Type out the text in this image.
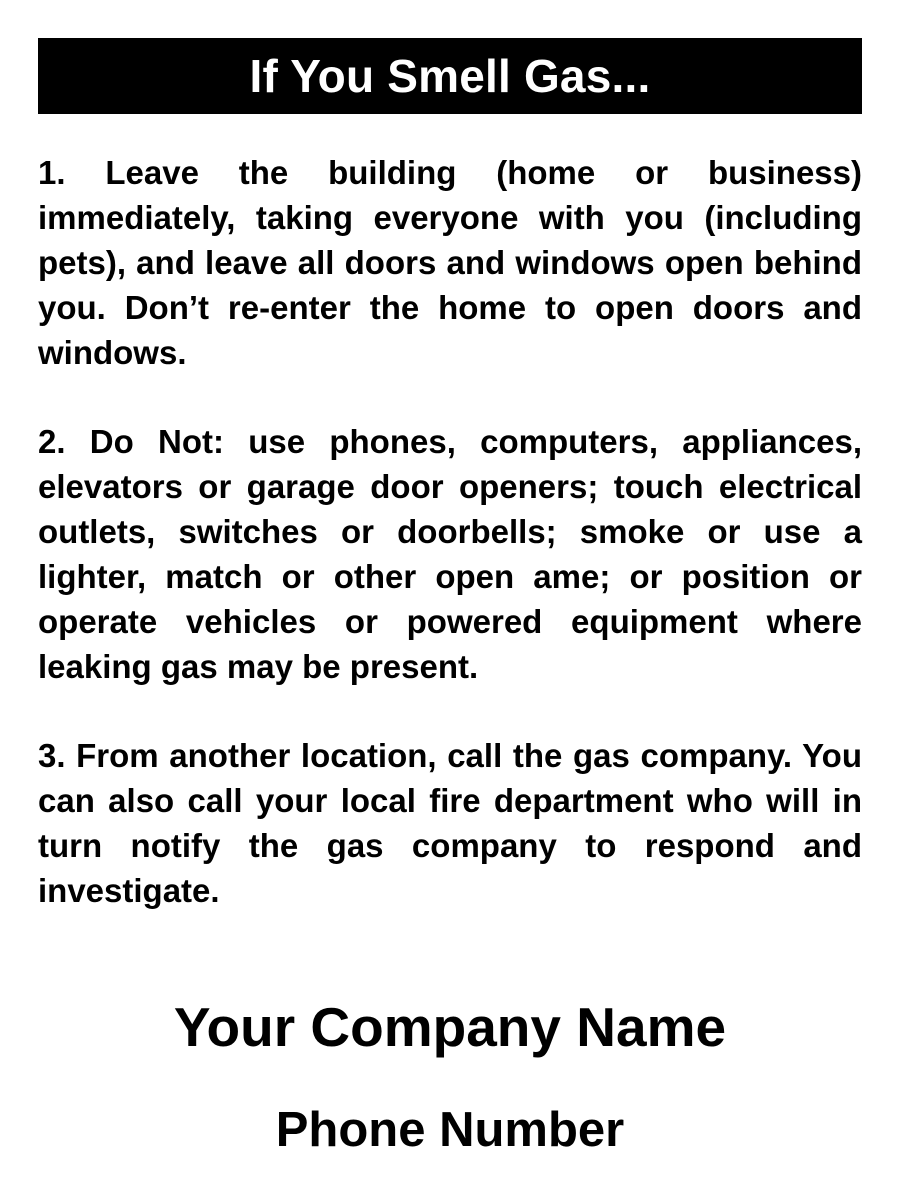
If You Smell Gas...

1. Leave the building (home or business) immediately, taking everyone with you (including pets), and leave all doors and windows open behind you. Don’t re-enter the home to open doors and windows.

2. Do Not: use phones, computers, appliances, elevators or garage door openers; touch electrical outlets, switches or doorbells; smoke or use a lighter, match or other open ame; or position or operate vehicles or powered equipment where leaking gas may be present.

3. From another location, call the gas company. You can also call your local fire department who will in turn notify the gas company to respond and investigate.

Your Company Name
Phone Number
